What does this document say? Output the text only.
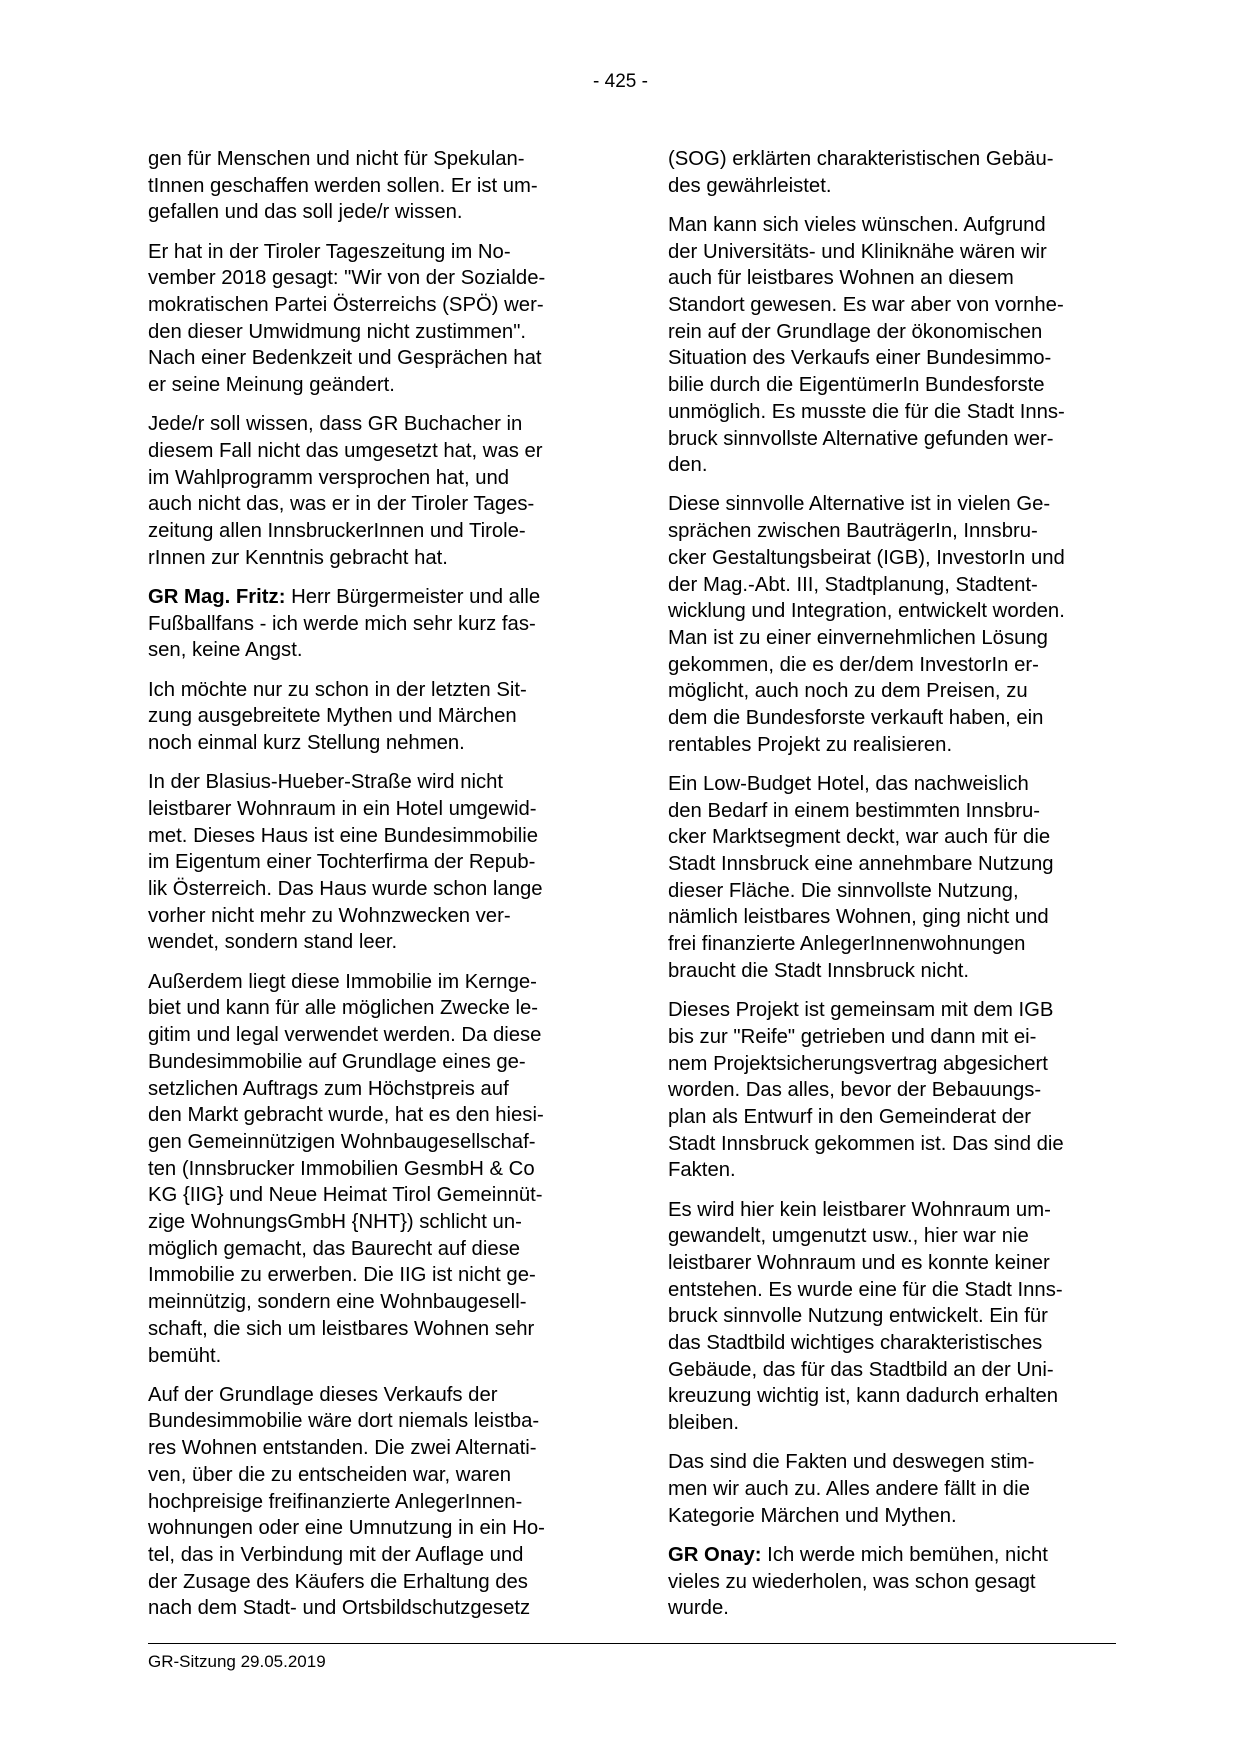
- 425 -

gen für Menschen und nicht für Spekulan-
tInnen geschaffen werden sollen. Er ist um-
gefallen und das soll jede/r wissen.

Er hat in der Tiroler Tageszeitung im No-
vember 2018 gesagt: "Wir von der Sozialde-
mokratischen Partei Österreichs (SPÖ) wer-
den dieser Umwidmung nicht zustimmen".
Nach einer Bedenkzeit und Gesprächen hat
er seine Meinung geändert.

Jede/r soll wissen, dass GR Buchacher in
diesem Fall nicht das umgesetzt hat, was er
im Wahlprogramm versprochen hat, und
auch nicht das, was er in der Tiroler Tages-
zeitung allen InnsbruckerInnen und Tirole-
rInnen zur Kenntnis gebracht hat.

GR Mag. Fritz: Herr Bürgermeister und alle
Fußballfans - ich werde mich sehr kurz fas-
sen, keine Angst.

Ich möchte nur zu schon in der letzten Sit-
zung ausgebreitete Mythen und Märchen
noch einmal kurz Stellung nehmen.

In der Blasius-Hueber-Straße wird nicht
leistbarer Wohnraum in ein Hotel umgewid-
met. Dieses Haus ist eine Bundesimmobilie
im Eigentum einer Tochterfirma der Repub-
lik Österreich. Das Haus wurde schon lange
vorher nicht mehr zu Wohnzwecken ver-
wendet, sondern stand leer.

Außerdem liegt diese Immobilie im Kernge-
biet und kann für alle möglichen Zwecke le-
gitim und legal verwendet werden. Da diese
Bundesimmobilie auf Grundlage eines ge-
setzlichen Auftrags zum Höchstpreis auf
den Markt gebracht wurde, hat es den hiesi-
gen Gemeinnützigen Wohnbaugesellschaf-
ten (Innsbrucker Immobilien GesmbH & Co
KG {IIG} und Neue Heimat Tirol Gemeinnüt-
zige WohnungsGmbH {NHT}) schlicht un-
möglich gemacht, das Baurecht auf diese
Immobilie zu erwerben. Die IIG ist nicht ge-
meinnützig, sondern eine Wohnbaugesell-
schaft, die sich um leistbares Wohnen sehr
bemüht.

Auf der Grundlage dieses Verkaufs der
Bundesimmobilie wäre dort niemals leistba-
res Wohnen entstanden. Die zwei Alternati-
ven, über die zu entscheiden war, waren
hochpreisige freifinanzierte AnlegerInnen-
wohnungen oder eine Umnutzung in ein Ho-
tel, das in Verbindung mit der Auflage und
der Zusage des Käufers die Erhaltung des
nach dem Stadt- und Ortsbildschutzgesetz

(SOG) erklärten charakteristischen Gebäu-
des gewährleistet.

Man kann sich vieles wünschen. Aufgrund
der Universitäts- und Kliniknähe wären wir
auch für leistbares Wohnen an diesem
Standort gewesen. Es war aber von vornhe-
rein auf der Grundlage der ökonomischen
Situation des Verkaufs einer Bundesimmo-
bilie durch die EigentümerIn Bundesforste
unmöglich. Es musste die für die Stadt Inns-
bruck sinnvollste Alternative gefunden wer-
den.

Diese sinnvolle Alternative ist in vielen Ge-
sprächen zwischen BauträgerIn, Innsbru-
cker Gestaltungsbeirat (IGB), InvestorIn und
der Mag.-Abt. III, Stadtplanung, Stadtent-
wicklung und Integration, entwickelt worden.
Man ist zu einer einvernehmlichen Lösung
gekommen, die es der/dem InvestorIn er-
möglicht, auch noch zu dem Preisen, zu
dem die Bundesforste verkauft haben, ein
rentables Projekt zu realisieren.

Ein Low-Budget Hotel, das nachweislich
den Bedarf in einem bestimmten Innsbru-
cker Marktsegment deckt, war auch für die
Stadt Innsbruck eine annehmbare Nutzung
dieser Fläche. Die sinnvollste Nutzung,
nämlich leistbares Wohnen, ging nicht und
frei finanzierte AnlegerInnenwohnungen
braucht die Stadt Innsbruck nicht.

Dieses Projekt ist gemeinsam mit dem IGB
bis zur "Reife" getrieben und dann mit ei-
nem Projektsicherungsvertrag abgesichert
worden. Das alles, bevor der Bebauungs-
plan als Entwurf in den Gemeinderat der
Stadt Innsbruck gekommen ist. Das sind die
Fakten.

Es wird hier kein leistbarer Wohnraum um-
gewandelt, umgenutzt usw., hier war nie
leistbarer Wohnraum und es konnte keiner
entstehen. Es wurde eine für die Stadt Inns-
bruck sinnvolle Nutzung entwickelt. Ein für
das Stadtbild wichtiges charakteristisches
Gebäude, das für das Stadtbild an der Uni-
kreuzung wichtig ist, kann dadurch erhalten
bleiben.

Das sind die Fakten und deswegen stim-
men wir auch zu. Alles andere fällt in die
Kategorie Märchen und Mythen.

GR Onay: Ich werde mich bemühen, nicht
vieles zu wiederholen, was schon gesagt
wurde.

GR-Sitzung 29.05.2019
